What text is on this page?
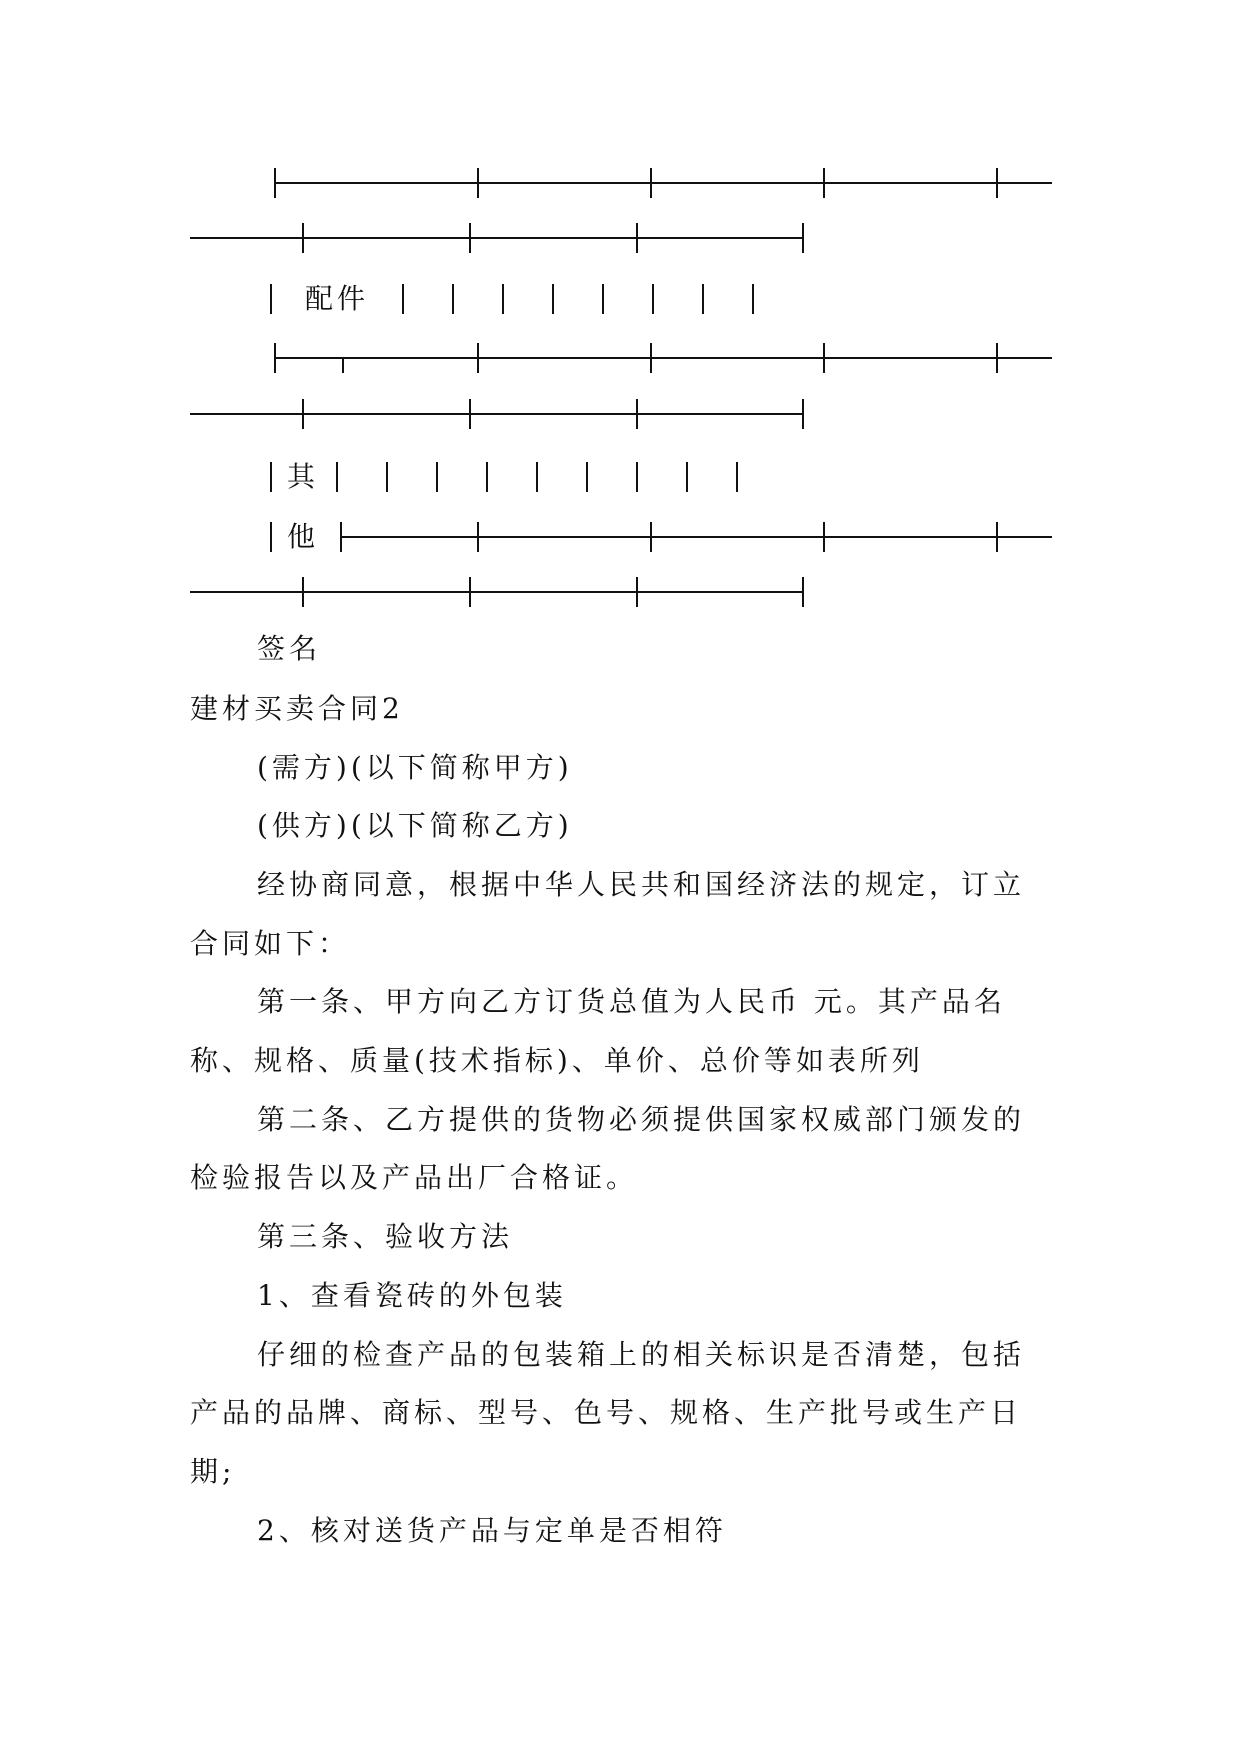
配件
其
他
签名
建材买卖合同2
(需方)(以下简称甲方)
(供方)(以下简称乙方)
经协商同意，根据中华人民共和国经济法的规定，订立
合同如下：
第一条、甲方向乙方订货总值为人民币 元。其产品名
称、规格、质量(技术指标)、单价、总价等如表所列
第二条、乙方提供的货物必须提供国家权威部门颁发的
检验报告以及产品出厂合格证。
第三条、验收方法
1、查看瓷砖的外包装
仔细的检查产品的包装箱上的相关标识是否清楚，包括
产品的品牌、商标、型号、色号、规格、生产批号或生产日
期;
2、核对送货产品与定单是否相符
